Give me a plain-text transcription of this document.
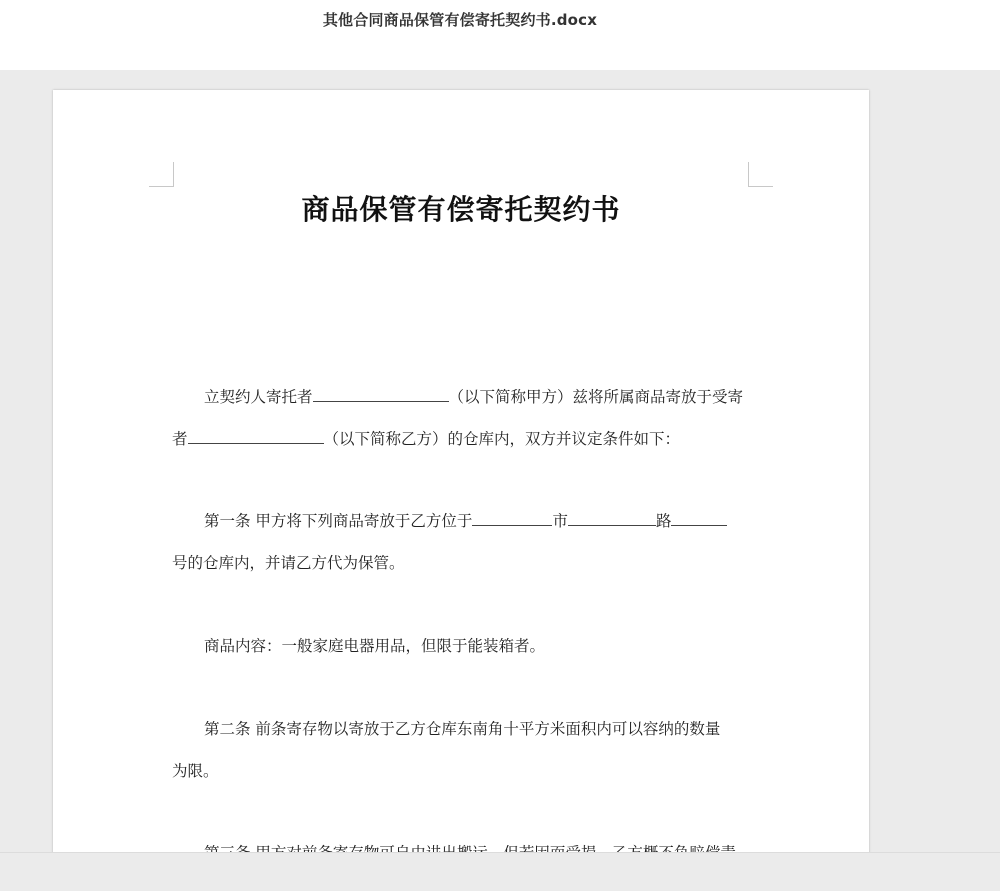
其他合同商品保管有偿寄托契约书.docx
商品保管有偿寄托契约书
立契约人寄托者	（以下简称甲方）兹将所属商品寄放于受寄
者	（以下简称乙方）的仓库内，双方并议定条件如下：
第一条 甲方将下列商品寄放于乙方位于	市	路
号的仓库内，并请乙方代为保管。
商品内容：一般家庭电器用品，但限于能装箱者。
第二条 前条寄存物以寄放于乙方仓库东南角十平方米面积内可以容纳的数量
为限。
